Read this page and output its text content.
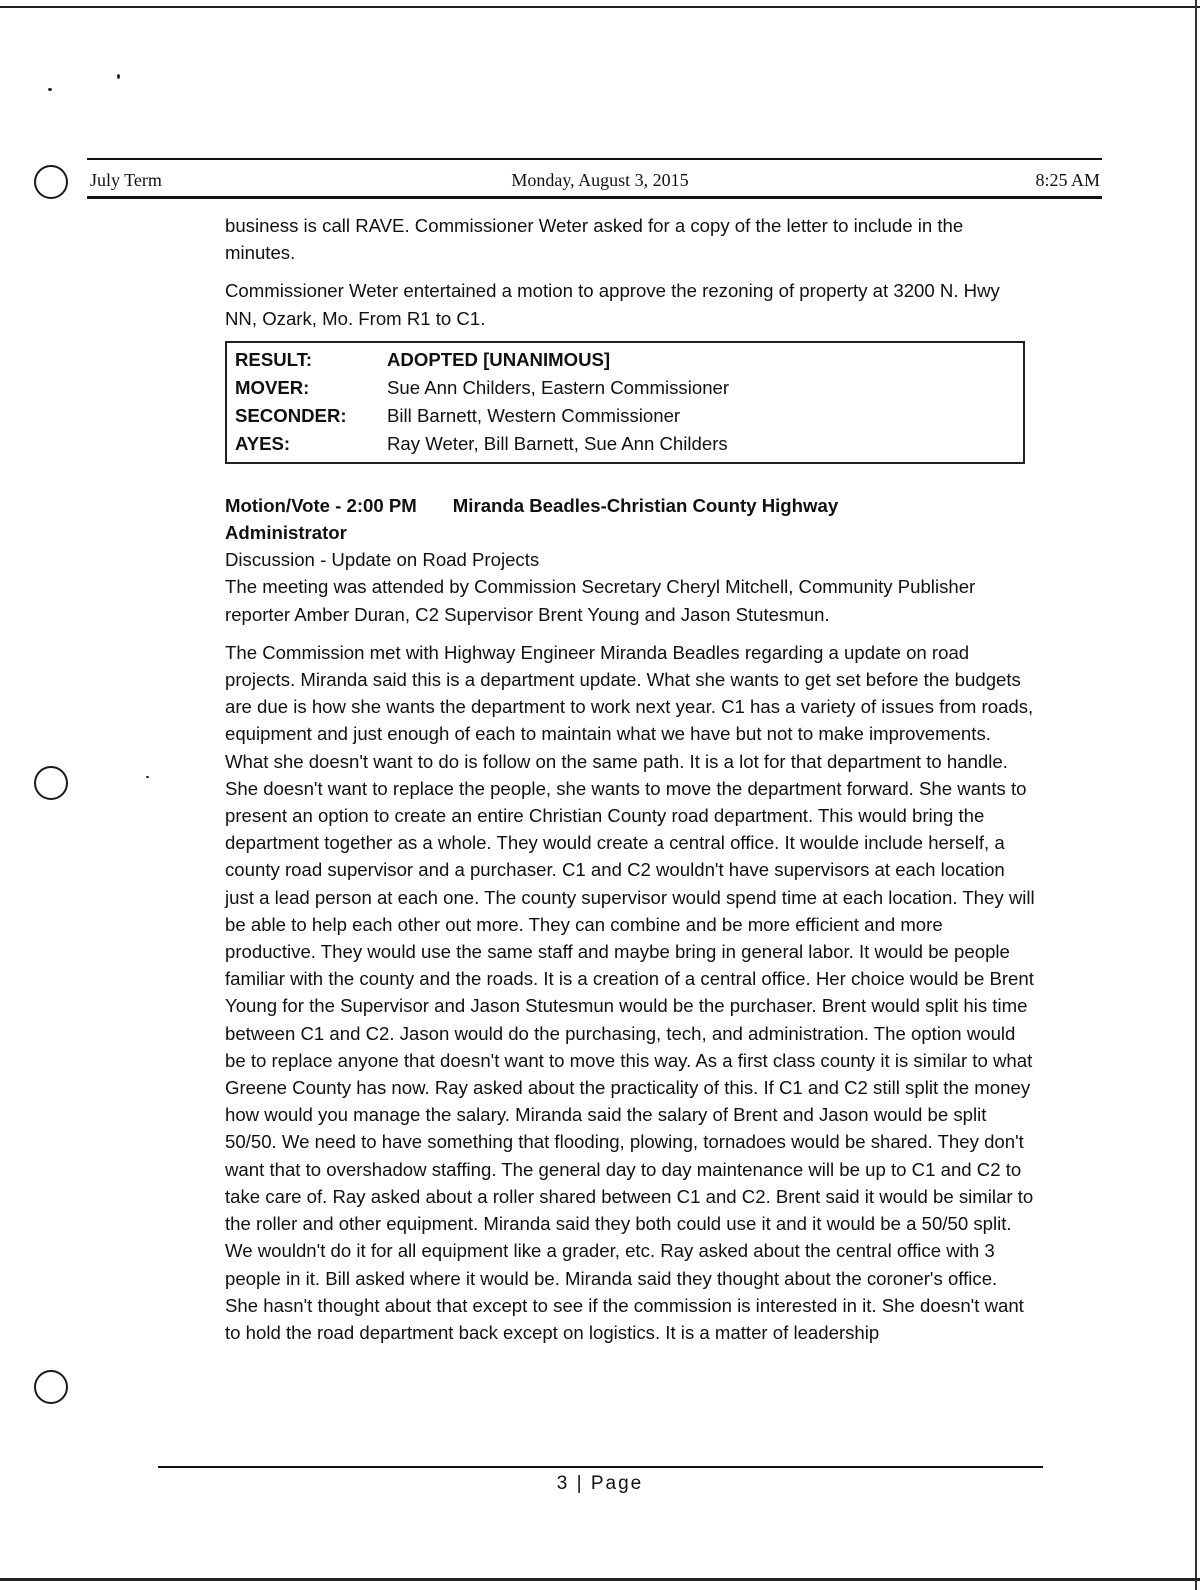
July Term	Monday, August 3, 2015	8:25 AM

business is call RAVE. Commissioner Weter asked for a copy of the letter to include in the minutes.

Commissioner Weter entertained a motion to approve the rezoning of property at 3200 N. Hwy NN, Ozark, Mo. From R1 to C1.

RESULT:	ADOPTED [UNANIMOUS]
MOVER:	Sue Ann Childers, Eastern Commissioner
SECONDER:	Bill Barnett, Western Commissioner
AYES:	Ray Weter, Bill Barnett, Sue Ann Childers

Motion/Vote - 2:00 PM Miranda Beadles-Christian County Highway

Administrator

Discussion - Update on Road Projects

The meeting was attended by Commission Secretary Cheryl Mitchell, Community Publisher reporter Amber Duran, C2 Supervisor Brent Young and Jason Stutesmun.

The Commission met with Highway Engineer Miranda Beadles regarding a update on road projects. Miranda said this is a department update. What she wants to get set before the budgets are due is how she wants the department to work next year. C1 has a variety of issues from roads, equipment and just enough of each to maintain what we have but not to make improvements. What she doesn't want to do is follow on the same path. It is a lot for that department to handle. She doesn't want to replace the people, she wants to move the department forward. She wants to present an option to create an entire Christian County road department. This would bring the department together as a whole. They would create a central office. It woulde include herself, a county road supervisor and a purchaser. C1 and C2 wouldn't have supervisors at each location just a lead person at each one. The county supervisor would spend time at each location. They will be able to help each other out more. They can combine and be more efficient and more productive. They would use the same staff and maybe bring in general labor. It would be people familiar with the county and the roads. It is a creation of a central office. Her choice would be Brent Young for the Supervisor and Jason Stutesmun would be the purchaser. Brent would split his time between C1 and C2. Jason would do the purchasing, tech, and administration. The option would be to replace anyone that doesn't want to move this way. As a first class county it is similar to what Greene County has now. Ray asked about the practicality of this. If C1 and C2 still split the money how would you manage the salary. Miranda said the salary of Brent and Jason would be split 50/50. We need to have something that flooding, plowing, tornadoes would be shared. They don't want that to overshadow staffing. The general day to day maintenance will be up to C1 and C2 to take care of. Ray asked about a roller shared between C1 and C2. Brent said it would be similar to the roller and other equipment. Miranda said they both could use it and it would be a 50/50 split. We wouldn't do it for all equipment like a grader, etc. Ray asked about the central office with 3 people in it. Bill asked where it would be. Miranda said they thought about the coroner's office. She hasn't thought about that except to see if the commission is interested in it. She doesn't want to hold the road department back except on logistics. It is a matter of leadership

3 | Page
